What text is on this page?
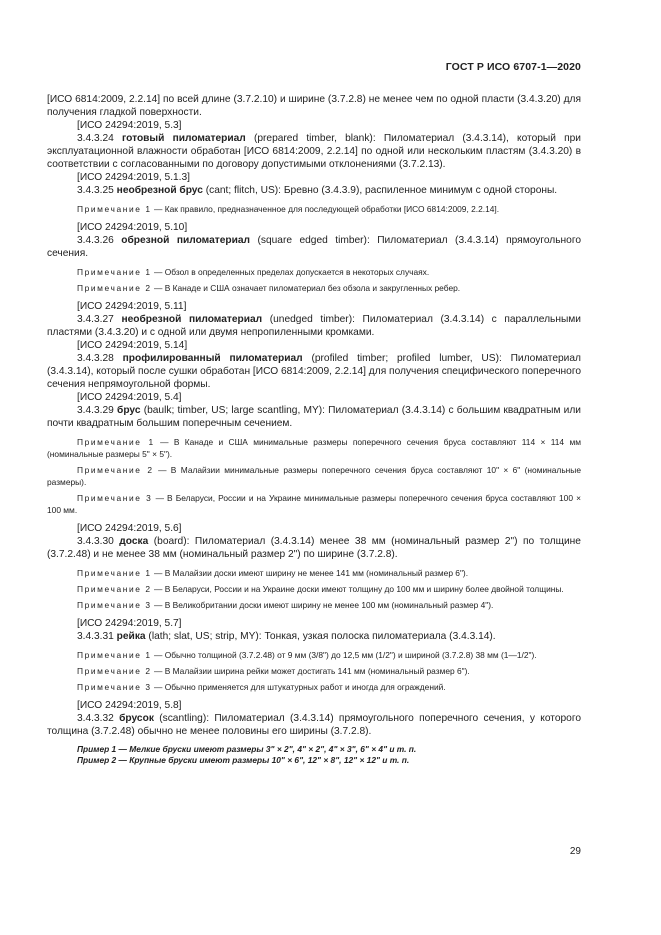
ГОСТ Р ИСО 6707-1—2020

[ИСО 6814:2009, 2.2.14] по всей длине (3.7.2.10) и ширине (3.7.2.8) не менее чем по одной пласти (3.4.3.20) для получения гладкой поверхности.

[ИСО 24294:2019, 5.3]

3.4.3.24 готовый пиломатериал (prepared timber, blank): Пиломатериал (3.4.3.14), который при эксплуатационной влажности обработан [ИСО 6814:2009, 2.2.14] по одной или нескольким пластям (3.4.3.20) в соответствии с согласованными по договору допустимыми отклонениями (3.7.2.13).

[ИСО 24294:2019, 5.1.3]

3.4.3.25 необрезной брус (cant; flitch, US): Бревно (3.4.3.9), распиленное минимум с одной стороны.

Примечание 1 — Как правило, предназначенное для последующей обработки [ИСО 6814:2009, 2.2.14].

[ИСО 24294:2019, 5.10]

3.4.3.26 обрезной пиломатериал (square edged timber): Пиломатериал (3.4.3.14) прямоугольного сечения.

Примечание 1 — Обзол в определенных пределах допускается в некоторых случаях.

Примечание 2 — В Канаде и США означает пиломатериал без обзола и закругленных ребер.

[ИСО 24294:2019, 5.11]

3.4.3.27 необрезной пиломатериал (unedged timber): Пиломатериал (3.4.3.14) с параллельными пластями (3.4.3.20) и с одной или двумя непропиленными кромками.

[ИСО 24294:2019, 5.14]

3.4.3.28 профилированный пиломатериал (profiled timber; profiled lumber, US): Пиломатериал (3.4.3.14), который после сушки обработан [ИСО 6814:2009, 2.2.14] для получения специфического поперечного сечения непрямоугольной формы.

[ИСО 24294:2019, 5.4]

3.4.3.29 брус (baulk; timber, US; large scantling, MY): Пиломатериал (3.4.3.14) с большим квадратным или почти квадратным большим поперечным сечением.

Примечание 1 — В Канаде и США минимальные размеры поперечного сечения бруса составляют 114 × 114 мм (номинальные размеры 5" × 5").

Примечание 2 — В Малайзии минимальные размеры поперечного сечения бруса составляют 10" × 6" (номинальные размеры).

Примечание 3 — В Беларуси, России и на Украине минимальные размеры поперечного сечения бруса составляют 100 × 100 мм.

[ИСО 24294:2019, 5.6]

3.4.3.30 доска (board): Пиломатериал (3.4.3.14) менее 38 мм (номинальный размер 2") по толщине (3.7.2.48) и не менее 38 мм (номинальный размер 2") по ширине (3.7.2.8).

Примечание 1 — В Малайзии доски имеют ширину не менее 141 мм (номинальный размер 6").

Примечание 2 — В Беларуси, России и на Украине доски имеют толщину до 100 мм и ширину более двойной толщины.

Примечание 3 — В Великобритании доски имеют ширину не менее 100 мм (номинальный размер 4").

[ИСО 24294:2019, 5.7]

3.4.3.31 рейка (lath; slat, US; strip, MY): Тонкая, узкая полоска пиломатериала (3.4.3.14).

Примечание 1 — Обычно толщиной (3.7.2.48) от 9 мм (3/8") до 12,5 мм (1/2") и шириной (3.7.2.8) 38 мм (1—1/2").

Примечание 2 — В Малайзии ширина рейки может достигать 141 мм (номинальный размер 6").

Примечание 3 — Обычно применяется для штукатурных работ и иногда для ограждений.

[ИСО 24294:2019, 5.8]

3.4.3.32 брусок (scantling): Пиломатериал (3.4.3.14) прямоугольного поперечного сечения, у которого толщина (3.7.2.48) обычно не менее половины его ширины (3.7.2.8).

Пример 1 — Мелкие бруски имеют размеры 3" × 2", 4" × 2", 4" × 3", 6" × 4" и т. п.

Пример 2 — Крупные бруски имеют размеры 10" × 6", 12" × 8", 12" × 12" и т. п.

29
